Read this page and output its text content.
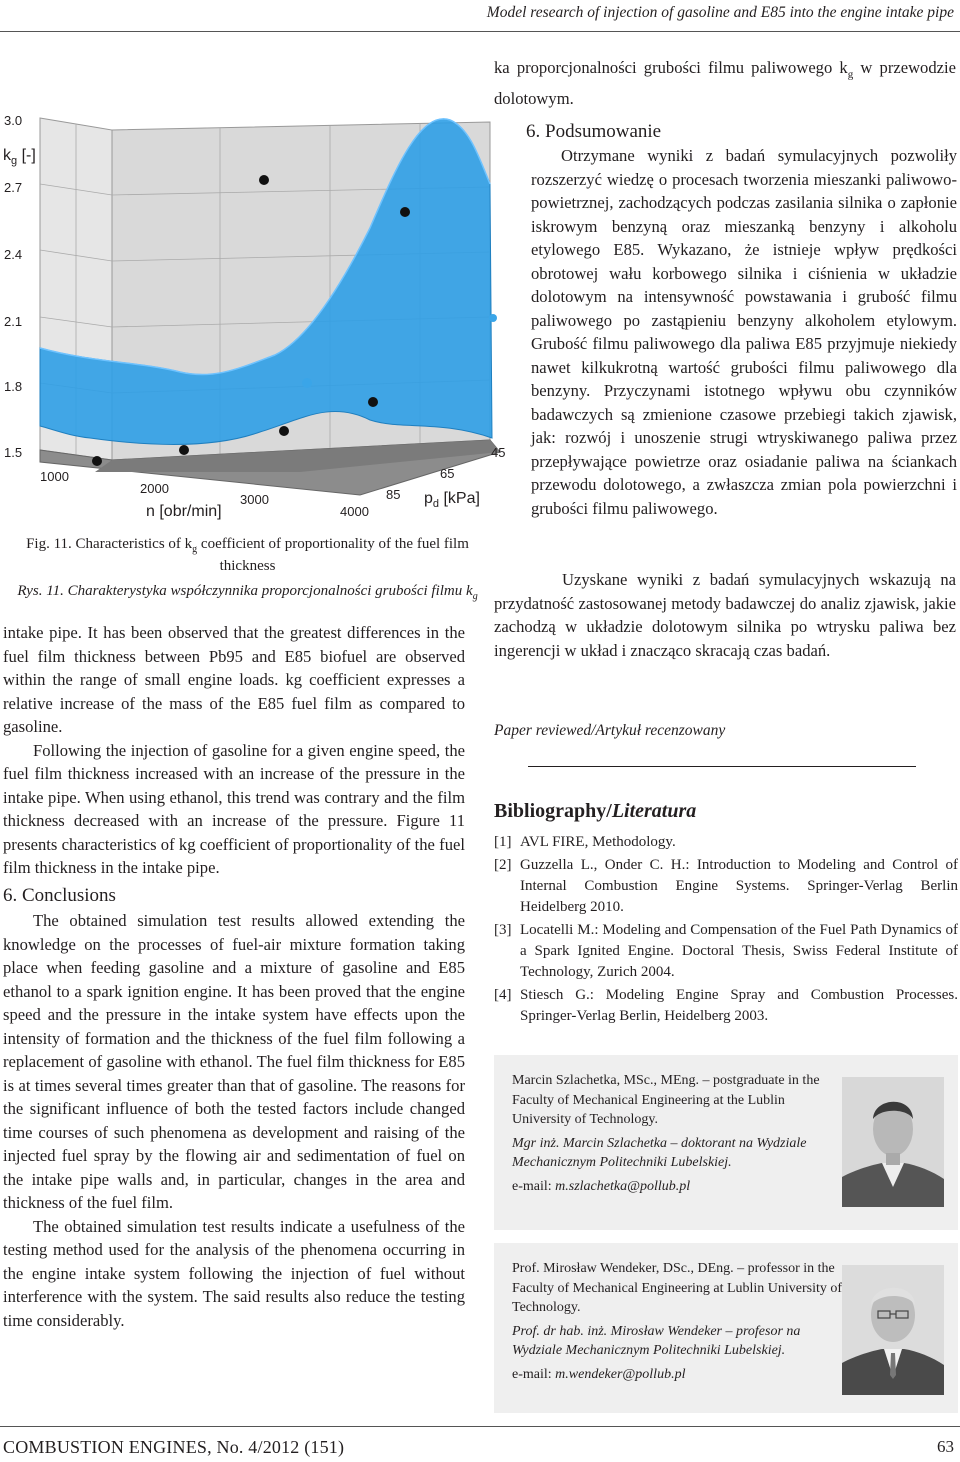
Model research of injection of gasoline and E85 into the engine intake pipe
3.0
2.7
2.4
2.1
1.8
1.5
$k_g$ [-]
1000
2000
3000
4000
n [obr/min]
45
65
85 $p_d$ [kPa]
Fig. 11. Characteristics of $k_g$ coefficient of proportionality of the fuel film thickness
Rys. 11. Charakterystyka współczynnika proporcjonalności grubości filmu $k_g$

intake pipe. It has been observed that the greatest differences in the fuel film thickness between Pb95 and E85 biofuel are observed within the range of small engine loads. kg coefficient expresses a relative increase of the mass of the E85 fuel film as compared to gasoline.

Following the injection of gasoline for a given engine speed, the fuel film thickness increased with an increase of the pressure in the intake pipe. When using ethanol, this trend was contrary and the film thickness decreased with an increase of the pressure. Figure 11 presents characteristics of kg coefficient of proportionality of the fuel film thickness in the intake pipe.

6. Conclusions

The obtained simulation test results allowed extending the knowledge on the processes of fuel-air mixture formation taking place when feeding gasoline and a mixture of gasoline and E85 ethanol to a spark ignition engine. It has been proved that the engine speed and the pressure in the intake system have effects upon the intensity of formation and the thickness of the fuel film following a replacement of gasoline with ethanol. The fuel film thickness for E85 is at times several times greater than that of gasoline. The reasons for the significant influence of both the tested factors include changed time courses of such phenomena as development and raising of the injected fuel spray by the flowing air and sedimentation of fuel on the intake pipe walls and, in particular, changes in the area and thickness of the fuel film.

The obtained simulation test results indicate a usefulness of the testing method used for the analysis of the phenomena occurring in the engine intake system following the injection of fuel without interference with the system. The said results also reduce the testing time considerably.

ka proporcjonalności grubości filmu paliwowego $k_g$ w przewodzie dolotowym.

6. Podsumowanie

Otrzymane wyniki z badań symulacyjnych pozwoliły rozszerzyć wiedzę o procesach tworzenia mieszanki paliwowo-powietrznej, zachodzących podczas zasilania silnika o zapłonie iskrowym benzyną oraz mieszanką benzyny i alkoholu etylowego E85. Wykazano, że istnieje wpływ prędkości obrotowej wału korbowego silnika i ciśnienia w układzie dolotowym na intensywność powstawania i grubość filmu paliwowego po zastąpieniu benzyny alkoholem etylowym. Grubość filmu paliwowego dla paliwa E85 przyjmuje niekiedy nawet kilkukrotną wartość grubości filmu paliwowego dla benzyny. Przyczynami istotnego wpływu obu czynników badawczych są zmienione czasowe przebiegi takich zjawisk, jak: rozwój i unoszenie strugi wtryskiwanego paliwa przez przepływające powietrze oraz osiadanie paliwa na ściankach przewodu dolotowego, a zwłaszcza zmian pola powierzchni i grubości filmu paliwowego.

Uzyskane wyniki z badań symulacyjnych wskazują na przydatność zastosowanej metody badawczej do analiz zjawisk, jakie zachodzą w układzie dolotowym silnika po wtrysku paliwa bez ingerencji w układ i znacząco skracają czas badań.

Paper reviewed/Artykuł recenzowany
Bibliography/Literatura
[1] AVL FIRE, Methodology.
[2] Guzzella L., Onder C. H.: Introduction to Modeling and Control of Internal Combustion Engine Systems. Springer-Verlag Berlin Heidelberg 2010.
[3] Locatelli M.: Modeling and Compensation of the Fuel Path Dynamics of a Spark Ignited Engine. Doctoral Thesis, Swiss Federal Institute of Technology, Zurich 2004.
[4] Stiesch G.: Modeling Engine Spray and Combustion Processes. Springer-Verlag Berlin, Heidelberg 2003.
Marcin Szlachetka, MSc., MEng. – postgraduate in the Faculty of Mechanical Engineering at the Lublin University of Technology.
Mgr inż. Marcin Szlachetka – doktorant na Wydziale Mechanicznym Politechniki Lubelskiej.
e-mail: m.szlachetka@pollub.pl
Prof. Mirosław Wendeker, DSc., DEng. – professor in the Faculty of Mechanical Engineering at Lublin University of Technology.
Prof. dr hab. inż. Mirosław Wendeker – profesor na Wydziale Mechanicznym Politechniki Lubelskiej.
e-mail: m.wendeker@pollub.pl
COMBUSTION ENGINES, No. 4/2012 (151)	63
